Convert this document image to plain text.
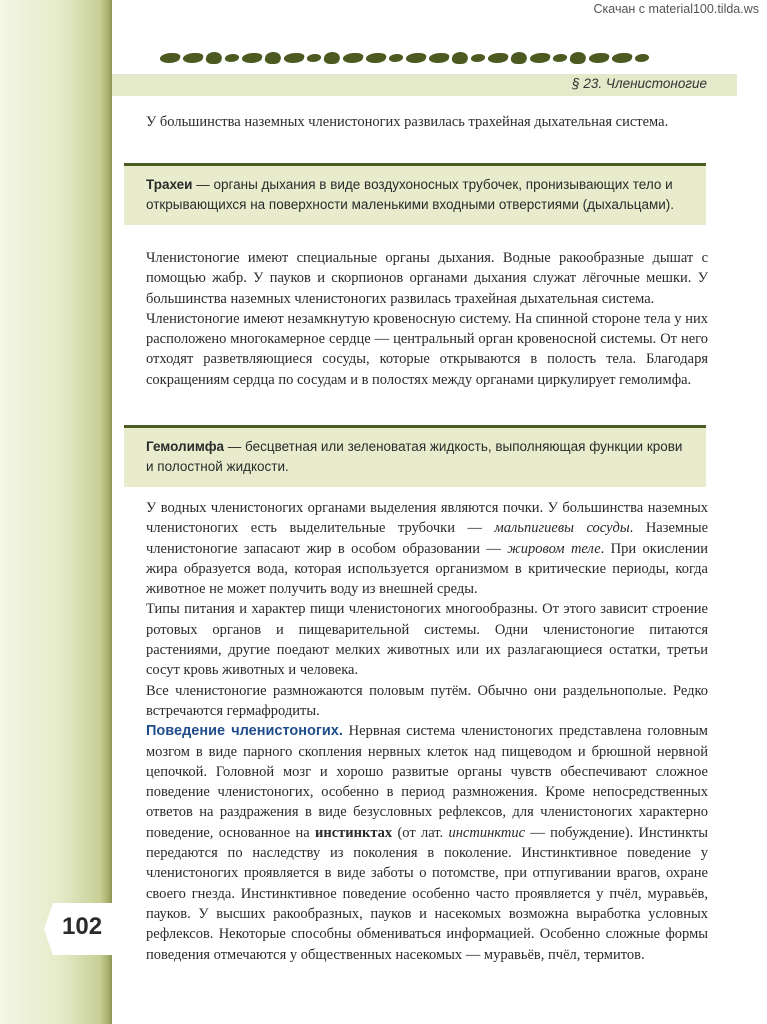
Скачан с material100.tilda.ws
§ 23. Членистоногие

У большинства наземных членистоногих развилась трахейная дыхательная система.

Трахеи — органы дыхания в виде воздухоносных трубочек, пронизывающих тело и открывающихся на поверхности маленькими входными отверстиями (дыхальцами).

Членистоногие имеют специальные органы дыхания. Водные ракообразные дышат с помощью жабр. У пауков и скорпионов органами дыхания служат лёгочные мешки. У большинства наземных членистоногих развилась трахейная дыхательная система.

Членистоногие имеют незамкнутую кровеносную систему. На спинной стороне тела у них расположено многокамерное сердце — центральный орган кровеносной системы. От него отходят разветвляющиеся сосуды, которые открываются в полость тела. Благодаря сокращениям сердца по сосудам и в полостях между органами циркулирует гемолимфа.

Гемолимфа — бесцветная или зеленоватая жидкость, выполняющая функции крови и полостной жидкости.

У водных членистоногих органами выделения являются почки. У большинства наземных членистоногих есть выделительные трубочки — мальпигиевы сосуды. Наземные членистоногие запасают жир в особом образовании — жировом теле. При окислении жира образуется вода, которая используется организмом в критические периоды, когда животное не может получить воду из внешней среды.

Типы питания и характер пищи членистоногих многообразны. От этого зависит строение ротовых органов и пищеварительной системы. Одни членистоногие питаются растениями, другие поедают мелких животных или их разлагающиеся остатки, третьи сосут кровь животных и человека.

Все членистоногие размножаются половым путём. Обычно они раздельнополые. Редко встречаются гермафродиты.

Поведение членистоногих. Нервная система членистоногих представлена головным мозгом в виде парного скопления нервных клеток над пищеводом и брюшной нервной цепочкой. Головной мозг и хорошо развитые органы чувств обеспечивают сложное поведение членистоногих, особенно в период размножения. Кроме непосредственных ответов на раздражения в виде безусловных рефлексов, для членистоногих характерно поведение, основанное на инстинктах (от лат. инстинктис — побуждение). Инстинкты передаются по наследству из поколения в поколение. Инстинктивное поведение у членистоногих проявляется в виде заботы о потомстве, при отпугивании врагов, охране своего гнезда. Инстинктивное поведение особенно часто проявляется у пчёл, муравьёв, пауков. У высших ракообразных, пауков и насекомых возможна выработка условных рефлексов. Некоторые способны обмениваться информацией. Особенно сложные формы поведения отмечаются у общественных насекомых — муравьёв, пчёл, термитов.

102
